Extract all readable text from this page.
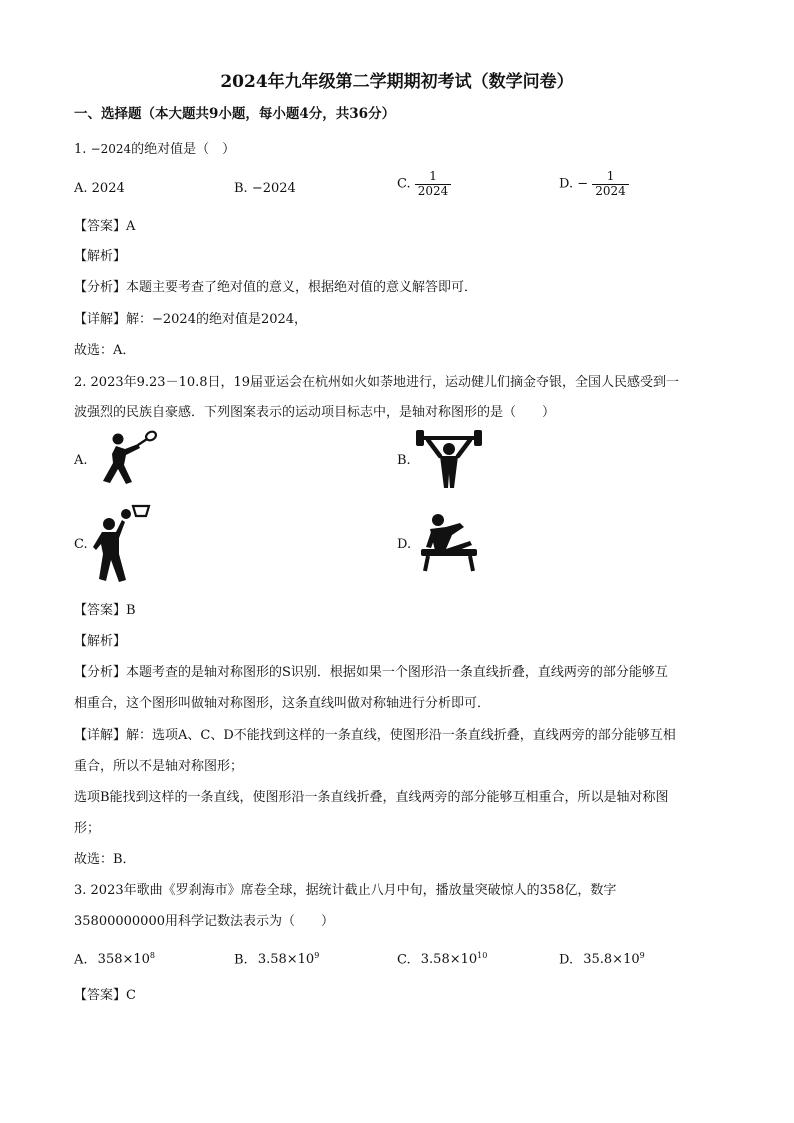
2024年九年级第二学期期初考试（数学问卷）
一、选择题（本大题共9小题，每小题4分，共36分）
1. −2024的绝对值是（　）
A. 2024	B. −2024	C. $\frac{1}{2024}$	D. − $\frac{1}{2024}$
【答案】A
【解析】
【分析】本题主要考查了绝对值的意义，根据绝对值的意义解答即可．
【详解】解：−2024的绝对值是2024，
故选：A．
2. 2023年9.23－10.8日，19届亚运会在杭州如火如荼地进行，运动健儿们摘金夺银，全国人民感受到一
波强烈的民族自豪感．下列图案表示的运动项目标志中，是轴对称图形的是（　　）
A.	B.
C.	D.
【答案】B
【解析】
【分析】本题考查的是轴对称图形的S识别．根据如果一个图形沿一条直线折叠，直线两旁的部分能够互
相重合，这个图形叫做轴对称图形，这条直线叫做对称轴进行分析即可．
【详解】解：选项A、C、D不能找到这样的一条直线，使图形沿一条直线折叠，直线两旁的部分能够互相
重合，所以不是轴对称图形；
选项B能找到这样的一条直线，使图形沿一条直线折叠，直线两旁的部分能够互相重合，所以是轴对称图
形；
故选：B．
3. 2023年歌曲《罗刹海市》席卷全球，据统计截止八月中旬，播放量突破惊人的358亿，数字
35800000000用科学记数法表示为（　　）
A. $358\times 10^8$	B. $3.58\times 10^9$	C. $3.58\times 10^{10}$	D. $35.8\times 10^9$
【答案】C
